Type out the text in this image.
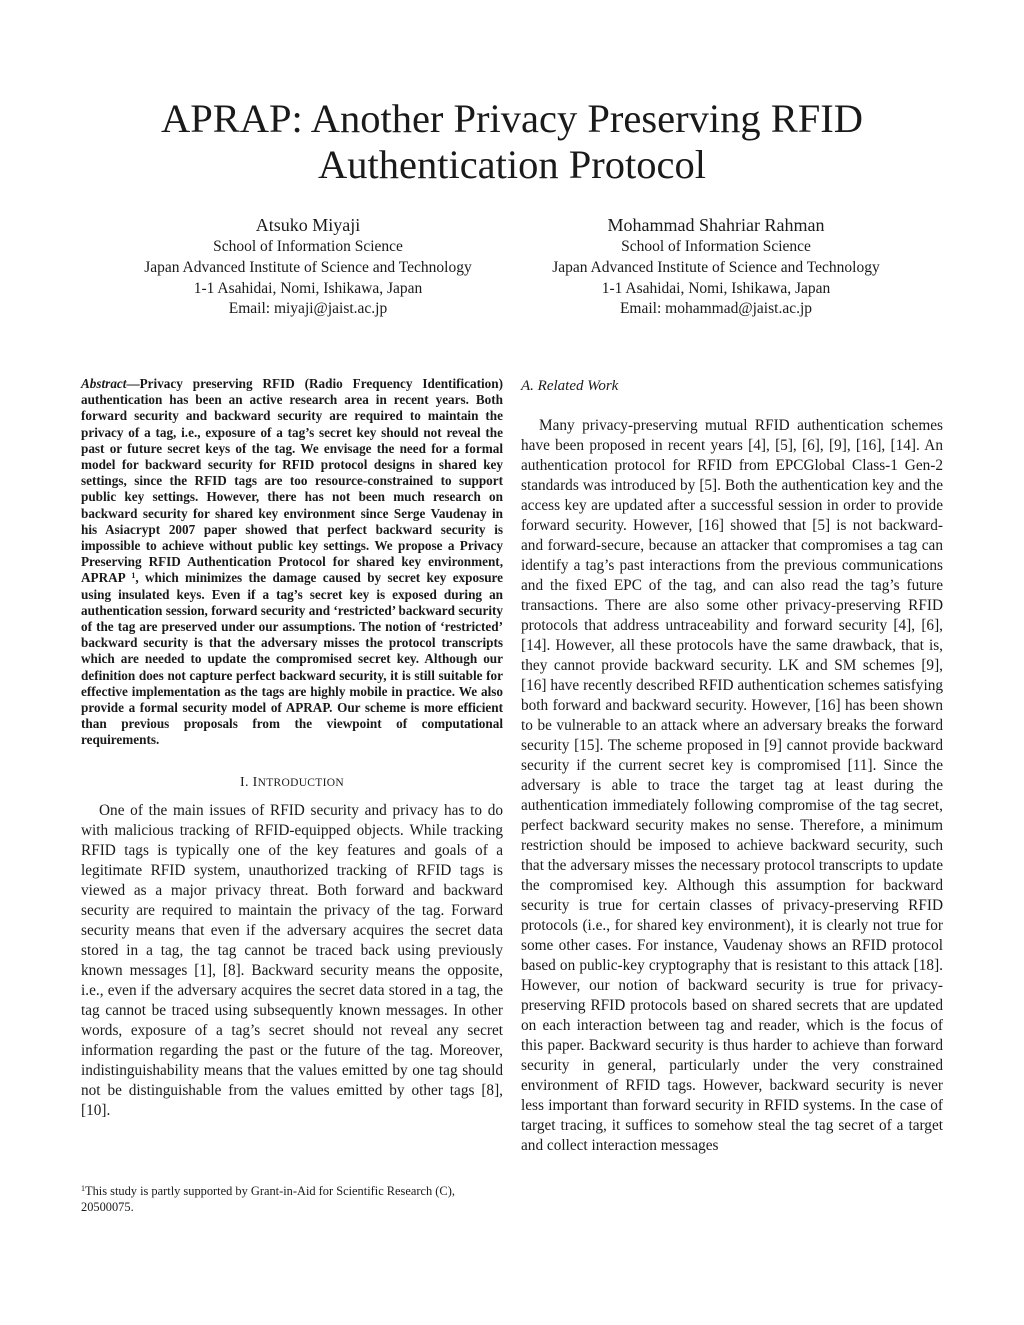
APRAP: Another Privacy Preserving RFID Authentication Protocol
Atsuko Miyaji
School of Information Science
Japan Advanced Institute of Science and Technology
1-1 Asahidai, Nomi, Ishikawa, Japan
Email: miyaji@jaist.ac.jp
Mohammad Shahriar Rahman
School of Information Science
Japan Advanced Institute of Science and Technology
1-1 Asahidai, Nomi, Ishikawa, Japan
Email: mohammad@jaist.ac.jp

Abstract—Privacy preserving RFID (Radio Frequency Identification) authentication has been an active research area in recent years. Both forward security and backward security are required to maintain the privacy of a tag, i.e., exposure of a tag’s secret key should not reveal the past or future secret keys of the tag. We envisage the need for a formal model for backward security for RFID protocol designs in shared key settings, since the RFID tags are too resource-constrained to support public key settings. However, there has not been much research on backward security for shared key environment since Serge Vaudenay in his Asiacrypt 2007 paper showed that perfect backward security is impossible to achieve without public key settings. We propose a Privacy Preserving RFID Authentication Protocol for shared key environment, APRAP $^1$, which minimizes the damage caused by secret key exposure using insulated keys. Even if a tag’s secret key is exposed during an authentication session, forward security and ‘restricted’ backward security of the tag are preserved under our assumptions. The notion of ‘restricted’ backward security is that the adversary misses the protocol transcripts which are needed to update the compromised secret key. Although our definition does not capture perfect backward security, it is still suitable for effective implementation as the tags are highly mobile in practice. We also provide a formal security model of APRAP. Our scheme is more efficient than previous proposals from the viewpoint of computational requirements.

I. INTRODUCTION

One of the main issues of RFID security and privacy has to do with malicious tracking of RFID-equipped objects. While tracking RFID tags is typically one of the key features and goals of a legitimate RFID system, unauthorized tracking of RFID tags is viewed as a major privacy threat. Both forward and backward security are required to maintain the privacy of the tag. Forward security means that even if the adversary acquires the secret data stored in a tag, the tag cannot be traced back using previously known messages [1], [8]. Backward security means the opposite, i.e., even if the adversary acquires the secret data stored in a tag, the tag cannot be traced using subsequently known messages. In other words, exposure of a tag’s secret should not reveal any secret information regarding the past or the future of the tag. Moreover, indistinguishability means that the values emitted by one tag should not be distinguishable from the values emitted by other tags [8], [10].

$^1$This study is partly supported by Grant-in-Aid for Scientific Research (C), 20500075.
A. Related Work

Many privacy-preserving mutual RFID authentication schemes have been proposed in recent years [4], [5], [6], [9], [16], [14]. An authentication protocol for RFID from EPCGlobal Class-1 Gen-2 standards was introduced by [5]. Both the authentication key and the access key are updated after a successful session in order to provide forward security. However, [16] showed that [5] is not backward- and forward-secure, because an attacker that compromises a tag can identify a tag’s past interactions from the previous communications and the fixed EPC of the tag, and can also read the tag’s future transactions. There are also some other privacy-preserving RFID protocols that address untraceability and forward security [4], [6], [14]. However, all these protocols have the same drawback, that is, they cannot provide backward security. LK and SM schemes [9], [16] have recently described RFID authentication schemes satisfying both forward and backward security. However, [16] has been shown to be vulnerable to an attack where an adversary breaks the forward security [15]. The scheme proposed in [9] cannot provide backward security if the current secret key is compromised [11]. Since the adversary is able to trace the target tag at least during the authentication immediately following compromise of the tag secret, perfect backward security makes no sense. Therefore, a minimum restriction should be imposed to achieve backward security, such that the adversary misses the necessary protocol transcripts to update the compromised key. Although this assumption for backward security is true for certain classes of privacy-preserving RFID protocols (i.e., for shared key environment), it is clearly not true for some other cases. For instance, Vaudenay shows an RFID protocol based on public-key cryptography that is resistant to this attack [18]. However, our notion of backward security is true for privacy-preserving RFID protocols based on shared secrets that are updated on each interaction between tag and reader, which is the focus of this paper. Backward security is thus harder to achieve than forward security in general, particularly under the very constrained environment of RFID tags. However, backward security is never less important than forward security in RFID systems. In the case of target tracing, it suffices to somehow steal the tag secret of a target and collect interaction messages
